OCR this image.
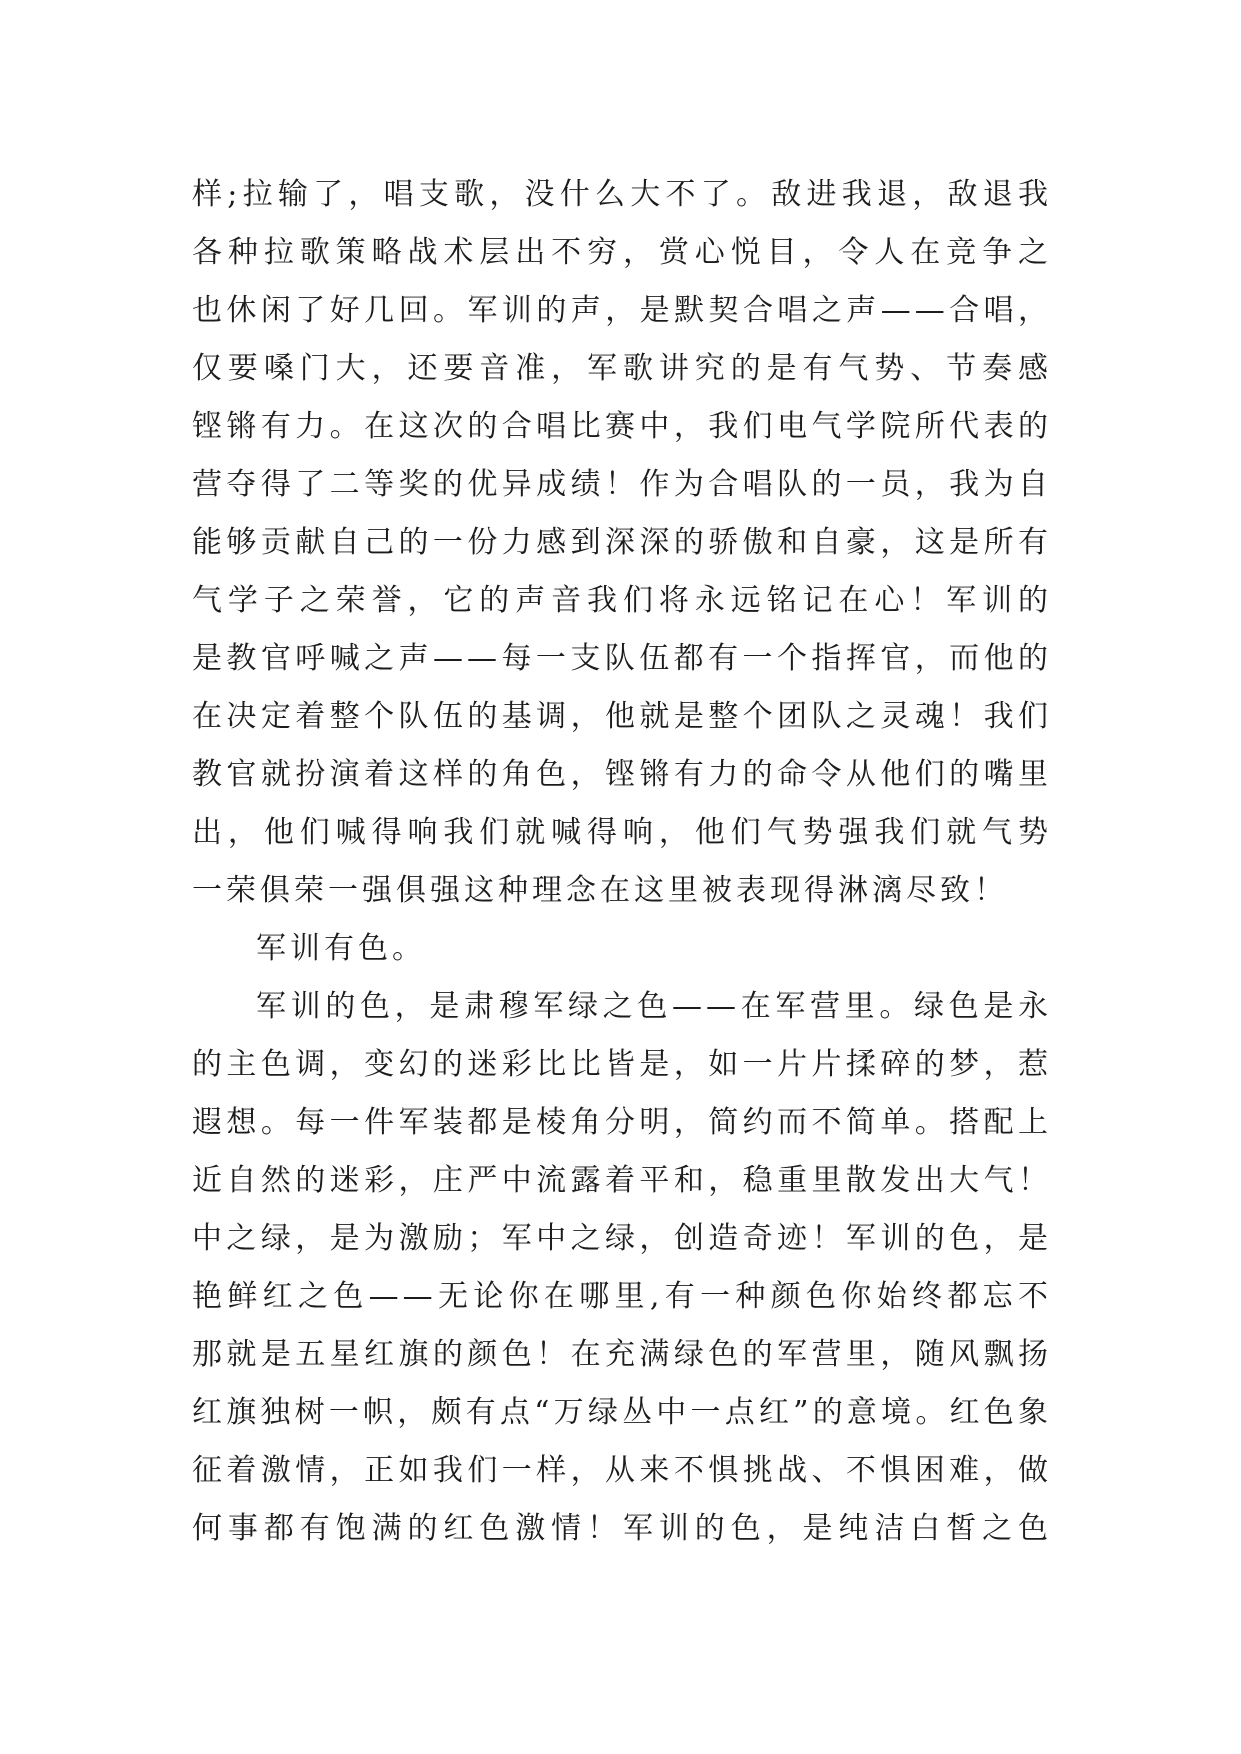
样;拉输了，唱支歌，没什么大不了。敌进我退，敌退我
各种拉歌策略战术层出不穷，赏心悦目，令人在竞争之
也休闲了好几回。军训的声，是默契合唱之声——合唱，
仅要嗓门大，还要音准，军歌讲究的是有气势、节奏感
铿锵有力。在这次的合唱比赛中，我们电气学院所代表的
营夺得了二等奖的优异成绩！作为合唱队的一员，我为自
能够贡献自己的一份力感到深深的骄傲和自豪，这是所有
气学子之荣誉，它的声音我们将永远铭记在心！军训的
是教官呼喊之声——每一支队伍都有一个指挥官，而他的
在决定着整个队伍的基调，他就是整个团队之灵魂！我们
教官就扮演着这样的角色，铿锵有力的命令从他们的嘴里
出，他们喊得响我们就喊得响，他们气势强我们就气势
一荣俱荣一强俱强这种理念在这里被表现得淋漓尽致！
军训有色。
军训的色，是肃穆军绿之色——在军营里。绿色是永
的主色调，变幻的迷彩比比皆是，如一片片揉碎的梦，惹
遐想。每一件军装都是棱角分明，简约而不简单。搭配上
近自然的迷彩，庄严中流露着平和，稳重里散发出大气！
中之绿，是为激励；军中之绿，创造奇迹！军训的色，是
艳鲜红之色——无论你在哪里,有一种颜色你始终都忘不
那就是五星红旗的颜色！在充满绿色的军营里，随风飘扬
红旗独树一帜，颇有点“万绿丛中一点红”的意境。红色象
征着激情，正如我们一样，从来不惧挑战、不惧困难，做
何事都有饱满的红色激情！军训的色，是纯洁白皙之色
